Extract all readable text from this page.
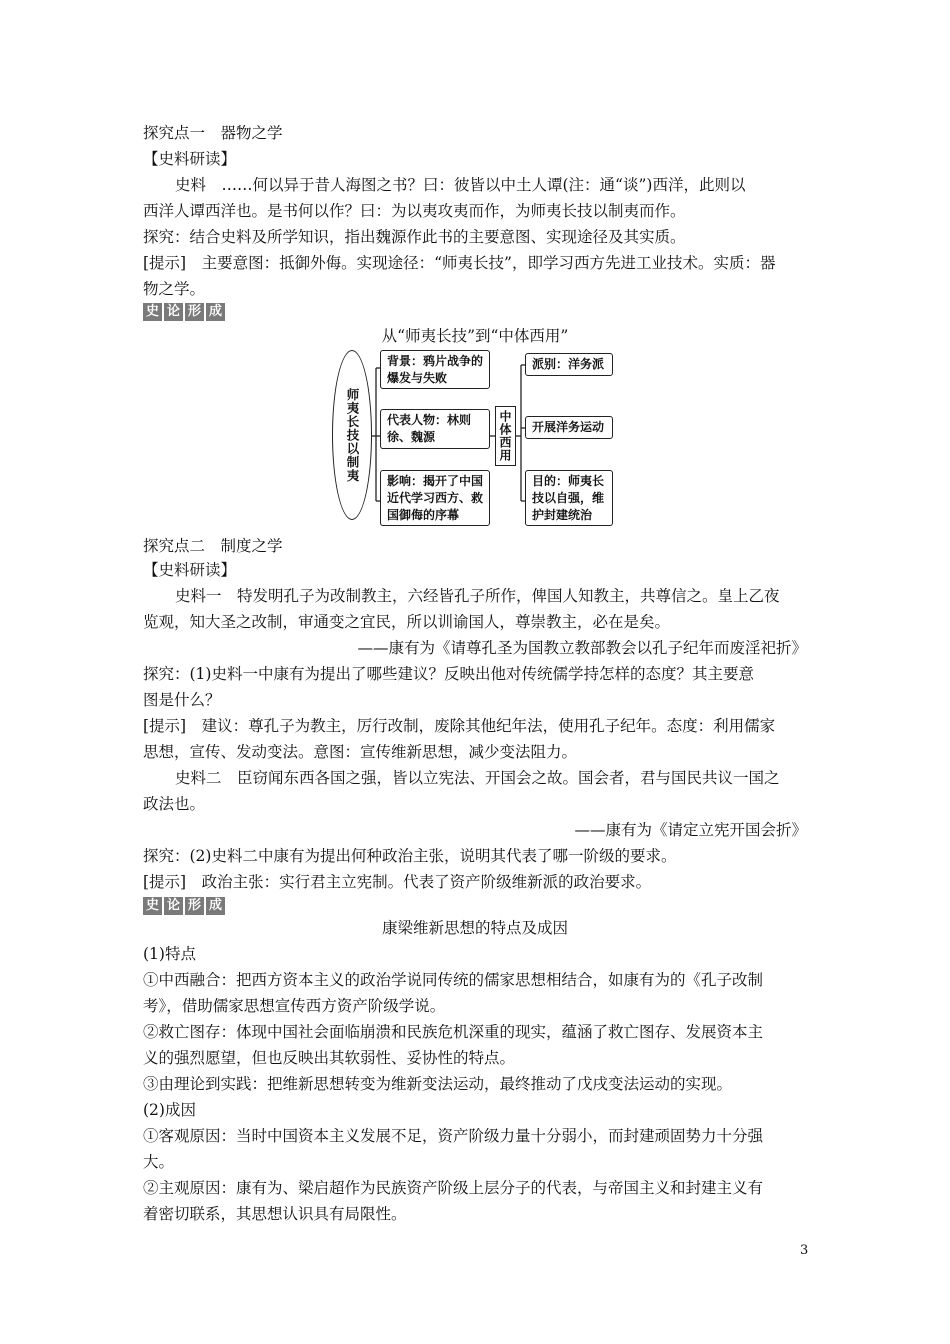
探究点一　器物之学
【史料研读】
史料　……何以异于昔人海图之书？曰：彼皆以中土人谭(注：通“谈”)西洋，此则以
西洋人谭西洋也。是书何以作？曰：为以夷攻夷而作，为师夷长技以制夷而作。
探究：结合史料及所学知识，指出魏源作此书的主要意图、实现途径及其实质。
[提示]　主要意图：抵御外侮。实现途径：“师夷长技”，即学习西方先进工业技术。实质：器
物之学。
史 论 形 成
从“师夷长技”到“中体西用”
师夷长技以制夷
背景：鸦片战争的爆发与失败
代表人物：林则徐、魏源
影响：揭开了中国近代学习西方、救国御侮的序幕
中体西用
派别：洋务派
开展洋务运动
目的：师夷长技以自强，维护封建统治
探究点二　制度之学
【史料研读】
史料一　特发明孔子为改制教主，六经皆孔子所作，俾国人知教主，共尊信之。皇上乙夜
览观，知大圣之改制，审通变之宜民，所以训谕国人，尊崇教主，必在是矣。
——康有为《请尊孔圣为国教立教部教会以孔子纪年而废淫祀折》
探究：(1)史料一中康有为提出了哪些建议？反映出他对传统儒学持怎样的态度？其主要意
图是什么？
[提示]　建议：尊孔子为教主，厉行改制，废除其他纪年法，使用孔子纪年。态度：利用儒家
思想，宣传、发动变法。意图：宣传维新思想，减少变法阻力。
史料二　臣窃闻东西各国之强，皆以立宪法、开国会之故。国会者，君与国民共议一国之
政法也。
——康有为《请定立宪开国会折》
探究：(2)史料二中康有为提出何种政治主张，说明其代表了哪一阶级的要求。
[提示]　政治主张：实行君主立宪制。代表了资产阶级维新派的政治要求。
史 论 形 成
康梁维新思想的特点及成因
(1)特点
①中西融合：把西方资本主义的政治学说同传统的儒家思想相结合，如康有为的《孔子改制
考》，借助儒家思想宣传西方资产阶级学说。
②救亡图存：体现中国社会面临崩溃和民族危机深重的现实，蕴涵了救亡图存、发展资本主
义的强烈愿望，但也反映出其软弱性、妥协性的特点。
③由理论到实践：把维新思想转变为维新变法运动，最终推动了戊戌变法运动的实现。
(2)成因
①客观原因：当时中国资本主义发展不足，资产阶级力量十分弱小，而封建顽固势力十分强
大。
②主观原因：康有为、梁启超作为民族资产阶级上层分子的代表，与帝国主义和封建主义有
着密切联系，其思想认识具有局限性。
3
